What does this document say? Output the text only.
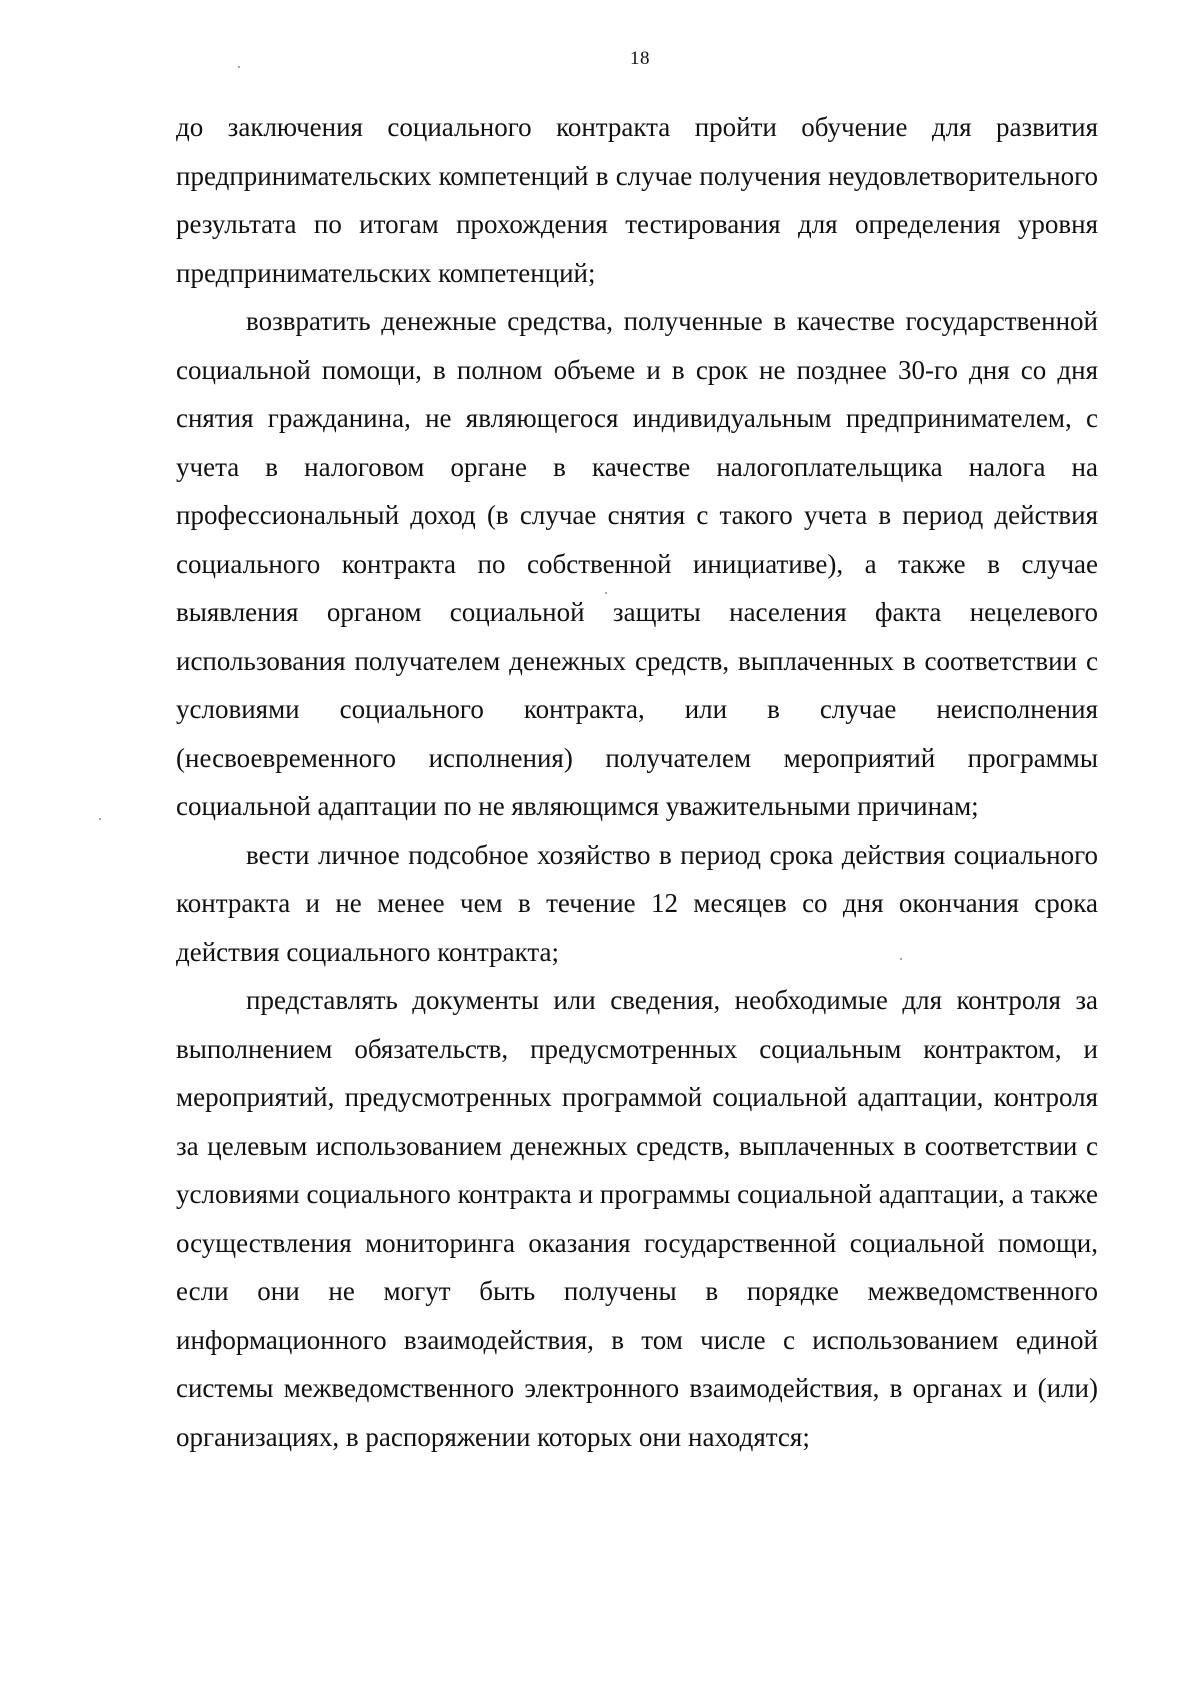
18

до заключения социального контракта пройти обучение для развития предпринимательских компетенций в случае получения неудовлетворительного результата по итогам прохождения тестирования для определения уровня предпринимательских компетенций;

возвратить денежные средства, полученные в качестве государственной социальной помощи, в полном объеме и в срок не позднее 30-го дня со дня снятия гражданина, не являющегося индивидуальным предпринимателем, с учета в налоговом органе в качестве налогоплательщика налога на профессиональный доход (в случае снятия с такого учета в период действия социального контракта по собственной инициативе), а также в случае выявления органом социальной защиты населения факта нецелевого использования получателем денежных средств, выплаченных в соответствии с условиями социального контракта, или в случае неисполнения (несвоевременного исполнения) получателем мероприятий программы социальной адаптации по не являющимся уважительными причинам;

вести личное подсобное хозяйство в период срока действия социального контракта и не менее чем в течение 12 месяцев со дня окончания срока действия социального контракта;

представлять документы или сведения, необходимые для контроля за выполнением обязательств, предусмотренных социальным контрактом, и мероприятий, предусмотренных программой социальной адаптации, контроля за целевым использованием денежных средств, выплаченных в соответствии с условиями социального контракта и программы социальной адаптации, а также осуществления мониторинга оказания государственной социальной помощи, если они не могут быть получены в порядке межведомственного информационного взаимодействия, в том числе с использованием единой системы межведомственного электронного взаимодействия, в органах и (или) организациях, в распоряжении которых они находятся;
